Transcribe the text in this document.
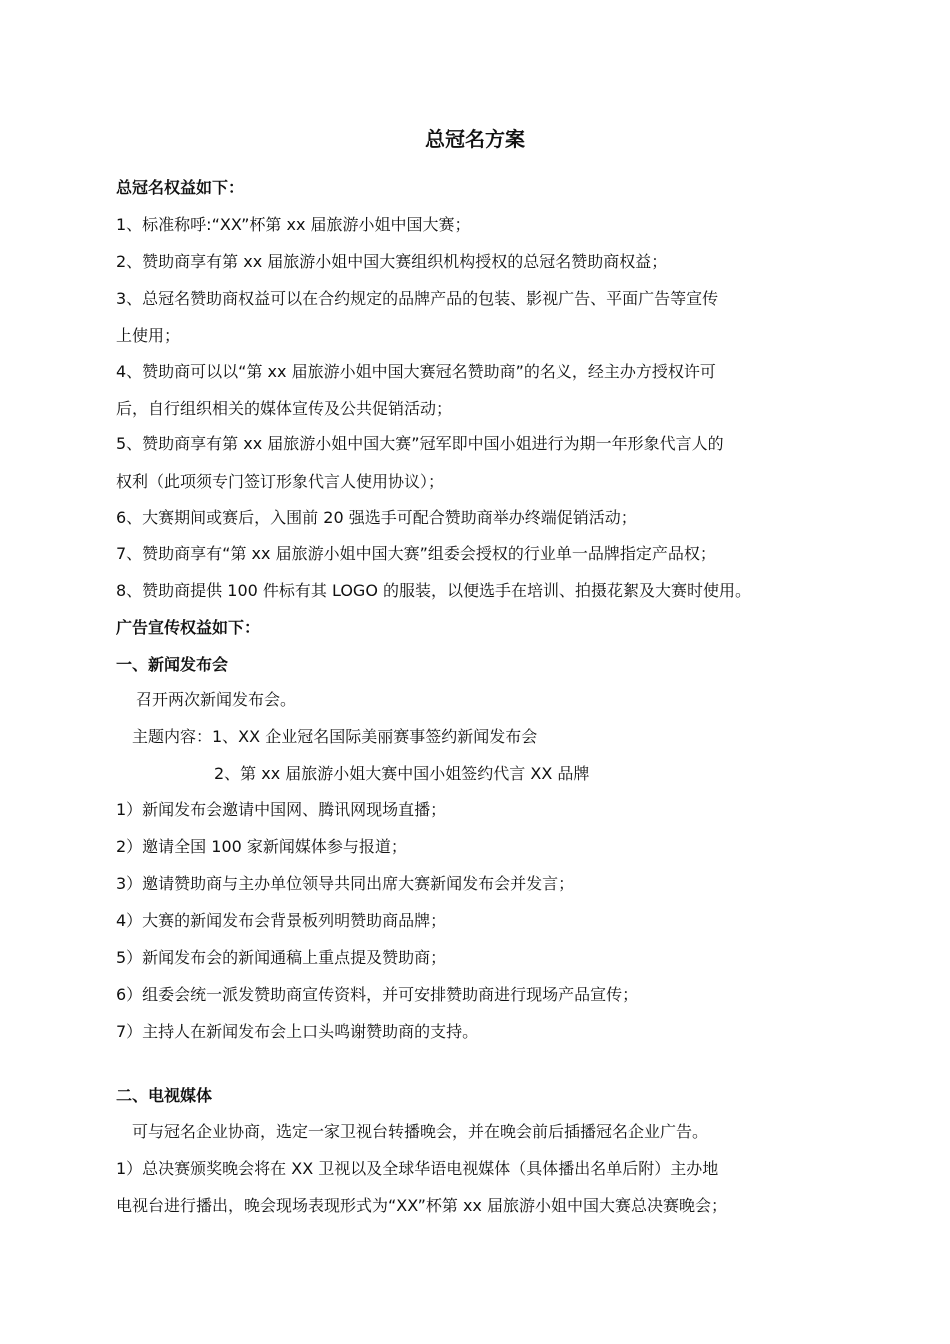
总冠名方案
总冠名权益如下：
1、标准称呼:“XX”杯第 xx 届旅游小姐中国大赛；
2、赞助商享有第 xx 届旅游小姐中国大赛组织机构授权的总冠名赞助商权益；
3、总冠名赞助商权益可以在合约规定的品牌产品的包装、影视广告、平面广告等宣传
上使用；
4、赞助商可以以“第 xx 届旅游小姐中国大赛冠名赞助商”的名义，经主办方授权许可
后，自行组织相关的媒体宣传及公共促销活动；
5、赞助商享有第 xx 届旅游小姐中国大赛”冠军即中国小姐进行为期一年形象代言人的
权利（此项须专门签订形象代言人使用协议）；
6、大赛期间或赛后，入围前 20 强选手可配合赞助商举办终端促销活动；
7、赞助商享有“第 xx 届旅游小姐中国大赛”组委会授权的行业单一品牌指定产品权；
8、赞助商提供 100 件标有其 LOGO 的服装，以便选手在培训、拍摄花絮及大赛时使用。
广告宣传权益如下：
一、新闻发布会
召开两次新闻发布会。
主题内容：1、XX 企业冠名国际美丽赛事签约新闻发布会
2、第 xx 届旅游小姐大赛中国小姐签约代言 XX 品牌
1）新闻发布会邀请中国网、腾讯网现场直播；
2）邀请全国 100 家新闻媒体参与报道；
3）邀请赞助商与主办单位领导共同出席大赛新闻发布会并发言；
4）大赛的新闻发布会背景板列明赞助商品牌；
5）新闻发布会的新闻通稿上重点提及赞助商；
6）组委会统一派发赞助商宣传资料，并可安排赞助商进行现场产品宣传；
7）主持人在新闻发布会上口头鸣谢赞助商的支持。
二、电视媒体
可与冠名企业协商，选定一家卫视台转播晚会，并在晚会前后插播冠名企业广告。
1）总决赛颁奖晚会将在 XX 卫视以及全球华语电视媒体（具体播出名单后附）主办地
电视台进行播出，晚会现场表现形式为“XX”杯第 xx 届旅游小姐中国大赛总决赛晚会；
